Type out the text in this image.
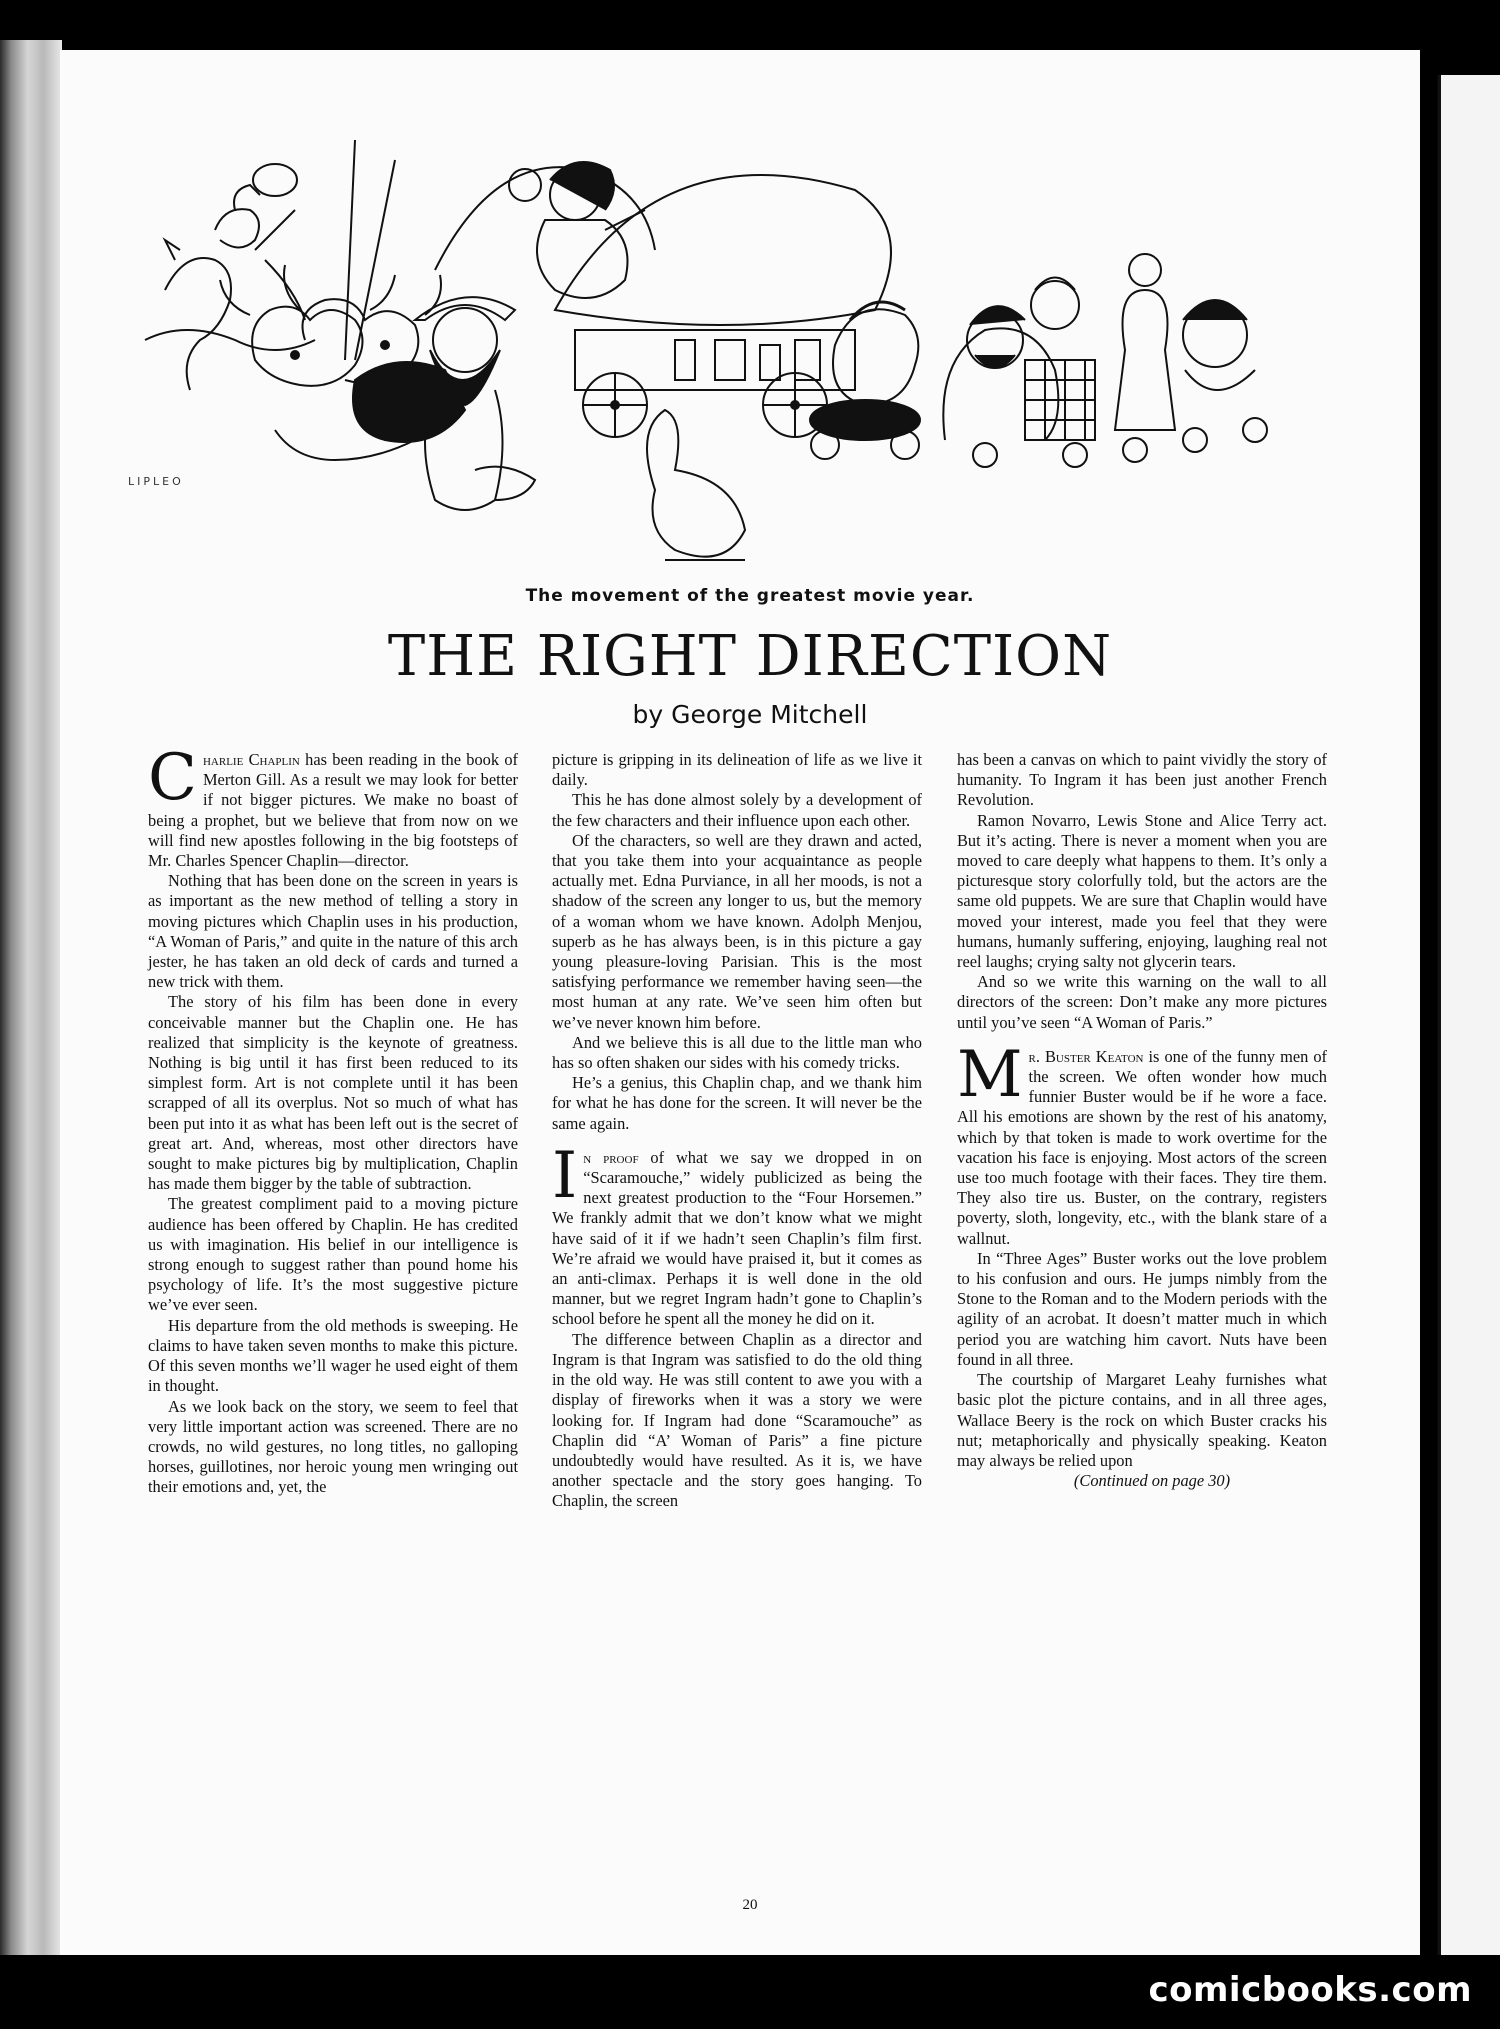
LIPLEO
The movement of the greatest movie year.
THE RIGHT DIRECTION
by George Mitchell

Charlie Chaplin has been reading in the book of Merton Gill. As a result we may look for better if not bigger pictures. We make no boast of being a prophet, but we believe that from now on we will find new apostles following in the big footsteps of Mr. Charles Spencer Chaplin—director.

Nothing that has been done on the screen in years is as important as the new method of telling a story in moving pictures which Chaplin uses in his production, “A Woman of Paris,” and quite in the nature of this arch jester, he has taken an old deck of cards and turned a new trick with them.

The story of his film has been done in every conceivable manner but the Chaplin one. He has realized that simplicity is the keynote of greatness. Nothing is big until it has first been reduced to its simplest form. Art is not complete until it has been scrapped of all its overplus. Not so much of what has been put into it as what has been left out is the secret of great art. And, whereas, most other directors have sought to make pictures big by multiplication, Chaplin has made them bigger by the table of subtraction.

The greatest compliment paid to a moving picture audience has been offered by Chaplin. He has credited us with imagination. His belief in our intelligence is strong enough to suggest rather than pound home his psychology of life. It’s the most suggestive picture we’ve ever seen.

His departure from the old methods is sweeping. He claims to have taken seven months to make this picture. Of this seven months we’ll wager he used eight of them in thought.

As we look back on the story, we seem to feel that very little important action was screened. There are no crowds, no wild gestures, no long titles, no galloping horses, guillotines, nor heroic young men wringing out their emotions and, yet, the

picture is gripping in its delineation of life as we live it daily.

This he has done almost solely by a development of the few characters and their influence upon each other.

Of the characters, so well are they drawn and acted, that you take them into your acquaintance as people actually met. Edna Purviance, in all her moods, is not a shadow of the screen any longer to us, but the memory of a woman whom we have known. Adolph Menjou, superb as he has always been, is in this picture a gay young pleasure-loving Parisian. This is the most satisfying performance we remember having seen—the most human at any rate. We’ve seen him often but we’ve never known him before.

And we believe this is all due to the little man who has so often shaken our sides with his comedy tricks.

He’s a genius, this Chaplin chap, and we thank him for what he has done for the screen. It will never be the same again.

In proof of what we say we dropped in on “Scaramouche,” widely publicized as being the next greatest production to the “Four Horsemen.” We frankly admit that we don’t know what we might have said of it if we hadn’t seen Chaplin’s film first. We’re afraid we would have praised it, but it comes as an anti-climax. Perhaps it is well done in the old manner, but we regret Ingram hadn’t gone to Chaplin’s school before he spent all the money he did on it.

The difference between Chaplin as a director and Ingram is that Ingram was satisfied to do the old thing in the old way. He was still content to awe you with a display of fireworks when it was a story we were looking for. If Ingram had done “Scaramouche” as Chaplin did “A’ Woman of Paris” a fine picture undoubtedly would have resulted. As it is, we have another spectacle and the story goes hanging. To Chaplin, the screen

has been a canvas on which to paint vividly the story of humanity. To Ingram it has been just another French Revolution.

Ramon Novarro, Lewis Stone and Alice Terry act. But it’s acting. There is never a moment when you are moved to care deeply what happens to them. It’s only a picturesque story colorfully told, but the actors are the same old puppets. We are sure that Chaplin would have moved your interest, made you feel that they were humans, humanly suffering, enjoying, laughing real not reel laughs; crying salty not glycerin tears.

And so we write this warning on the wall to all directors of the screen: Don’t make any more pictures until you’ve seen “A Woman of Paris.”

Mr. Buster Keaton is one of the funny men of the screen. We often wonder how much funnier Buster would be if he wore a face. All his emotions are shown by the rest of his anatomy, which by that token is made to work overtime for the vacation his face is enjoying. Most actors of the screen use too much footage with their faces. They tire them. They also tire us. Buster, on the contrary, registers poverty, sloth, longevity, etc., with the blank stare of a wallnut.

In “Three Ages” Buster works out the love problem to his confusion and ours. He jumps nimbly from the Stone to the Roman and to the Modern periods with the agility of an acrobat. It doesn’t matter much in which period you are watching him cavort. Nuts have been found in all three.

The courtship of Margaret Leahy furnishes what basic plot the picture contains, and in all three ages, Wallace Beery is the rock on which Buster cracks his nut; metaphorically and physically speaking. Keaton may always be relied upon

(Continued on page 30)

20
comicbooks.com
